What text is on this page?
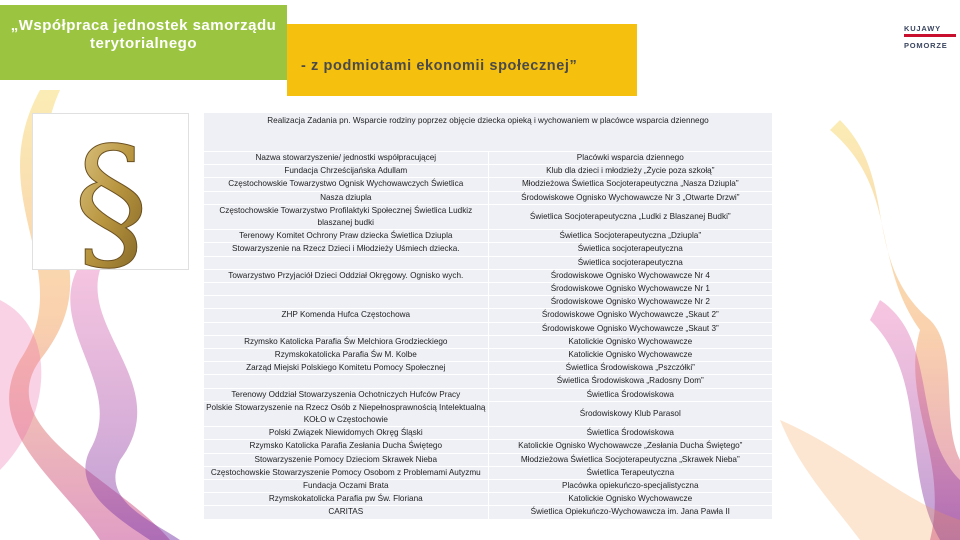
„Współpraca jednostek samorządu terytorialnego
- z podmiotami ekonomii społecznej”
KUJAWY
POMORZE
§	Realizacja Zadania pn. Wsparcie rodziny poprzez objęcie dziecka opieką i wychowaniem w placówce wsparcia dziennego	
Nazwa stowarzyszenie/ jednostki współpracującej	Placówki wsparcia dziennego
Fundacja Chrześcijańska Adullam	Klub dla dzieci i młodzieży „Życie poza szkołą”
Częstochowskie Towarzystwo Ognisk Wychowawczych Świetlica	Młodzieżowa Świetlica Socjoterapeutyczna „Nasza Dziupla”
Nasza dziupla	Środowiskowe Ognisko Wychowawcze Nr 3 „Otwarte Drzwi”
Częstochowskie Towarzystwo Profilaktyki Społecznej Świetlica Ludkiz blaszanej budki	Świetlica Socjoterapeutyczna „Ludki z Blaszanej Budki”
Terenowy Komitet Ochrony Praw dziecka Świetlica Dziupla	Świetlica Socjoterapeutyczna „Dziupla”
Stowarzyszenie na Rzecz Dzieci i Młodzieży Uśmiech dziecka.	Świetlica socjoterapeutyczna
	Świetlica socjoterapeutyczna
Towarzystwo Przyjaciół Dzieci Oddział Okręgowy. Ognisko wych.	Środowiskowe Ognisko Wychowawcze Nr 4
	Środowiskowe Ognisko Wychowawcze Nr 1
	Środowiskowe Ognisko Wychowawcze Nr 2
ZHP Komenda Hufca Częstochowa	Środowiskowe Ognisko Wychowawcze „Skaut 2”
	Środowiskowe Ognisko Wychowawcze „Skaut 3”
Rzymsko Katolicka Parafia Św Melchiora Grodzieckiego	Katolickie Ognisko Wychowawcze
Rzymskokatolicka Parafia Św M. Kolbe	Katolickie Ognisko Wychowawcze
Zarząd Miejski Polskiego Komitetu Pomocy Społecznej	Świetlica Środowiskowa „Pszczółki”
	Świetlica Środowiskowa „Radosny Dom”
Terenowy Oddział Stowarzyszenia Ochotniczych Hufców Pracy	Świetlica Środowiskowa
Polskie Stowarzyszenie na Rzecz Osób z Niepełnosprawnością Intelektualną KOŁO w Częstochowie	Środowiskowy Klub Parasol
Polski Związek Niewidomych Okręg Śląski	Świetlica Środowiskowa
Rzymsko Katolicka Parafia Zesłania Ducha Świętego	Katolickie Ognisko Wychowawcze „Zesłania Ducha Świętego”
Stowarzyszenie Pomocy Dzieciom Skrawek Nieba	Młodzieżowa Świetlica Socjoterapeutyczna „Skrawek Nieba”
Częstochowskie Stowarzyszenie Pomocy Osobom z Problemami Autyzmu	Świetlica Terapeutyczna
Fundacja Oczami Brata	Placówka opiekuńczo-specjalistyczna
Rzymskokatolicka Parafia pw Św. Floriana	Katolickie Ognisko Wychowawcze
CARITAS	Świetlica Opiekuńczo-Wychowawcza im. Jana Pawła II
